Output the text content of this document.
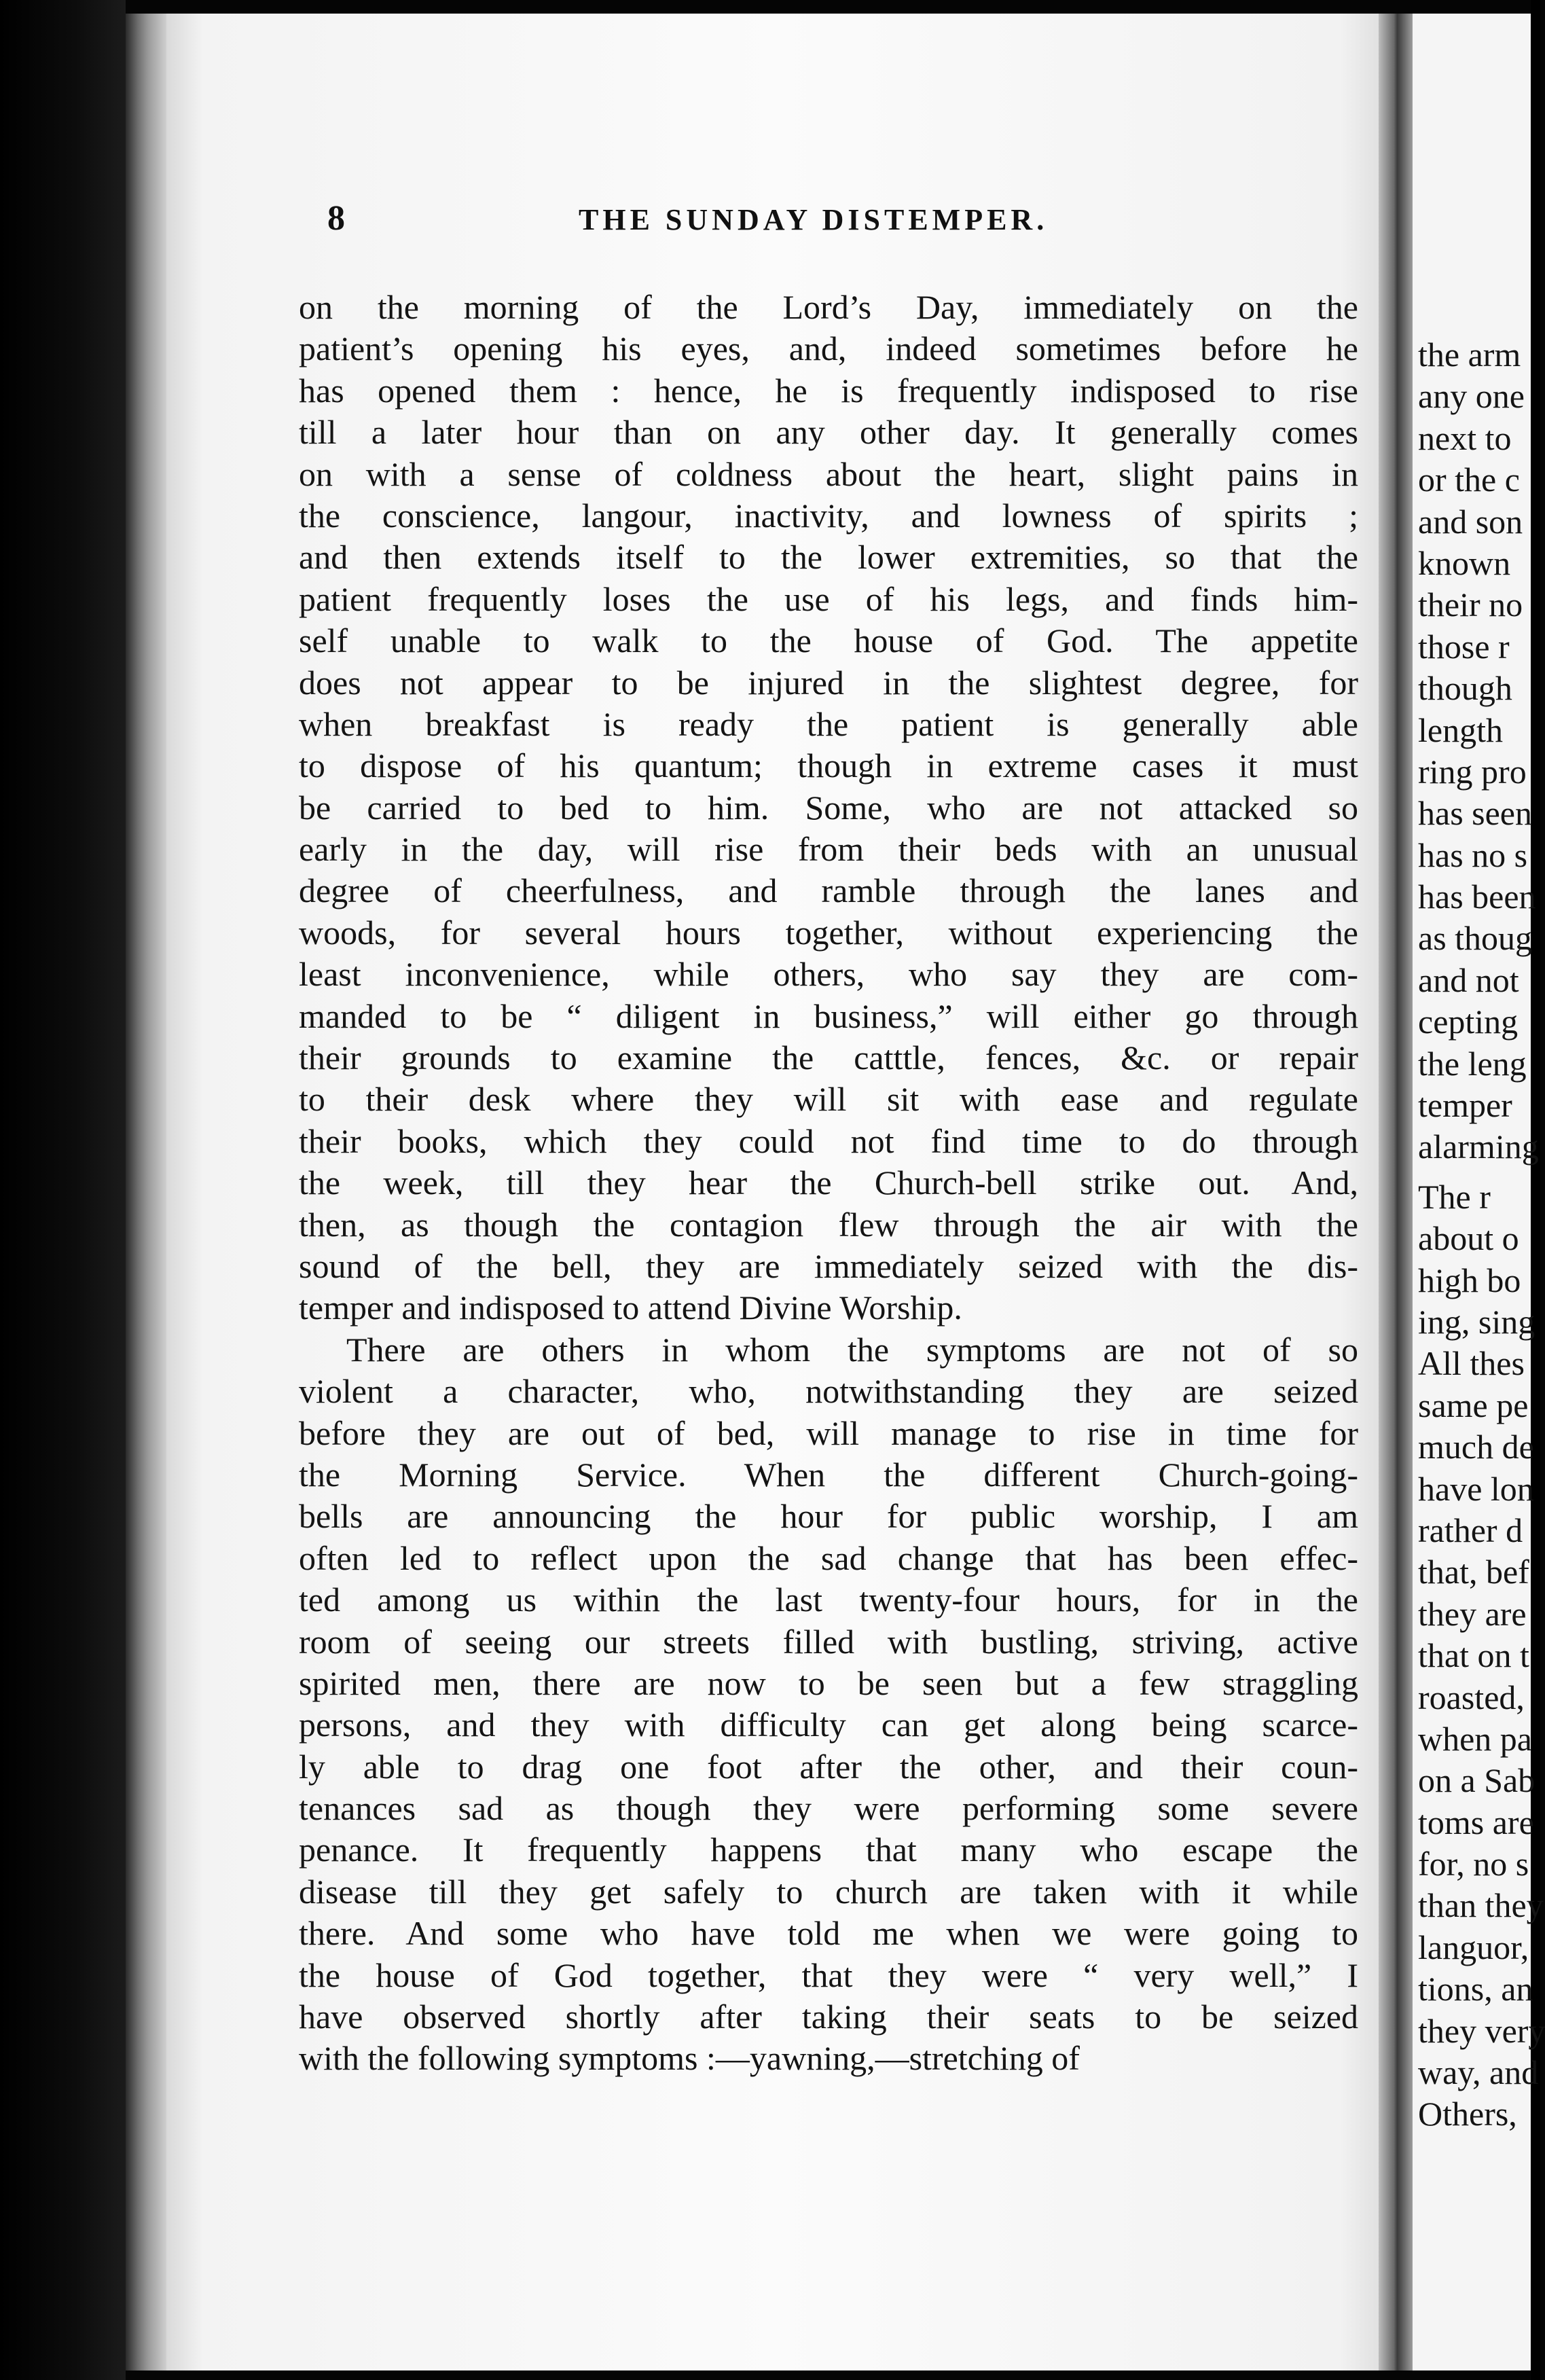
8	THE SUNDAY DISTEMPER.
on the morning of the Lord’s Day, immediately on the
patient’s opening his eyes, and, indeed sometimes before he
has opened them : hence, he is frequently indisposed to rise
till a later hour than on any other day. It generally comes
on with a sense of coldness about the heart, slight pains in
the conscience, langour, inactivity, and lowness of spirits ;
and then extends itself to the lower extremities, so that the
patient frequently loses the use of his legs, and finds him-
self unable to walk to the house of God. The appetite
does not appear to be injured in the slightest degree, for
when breakfast is ready the patient is generally able
to dispose of his quantum; though in extreme cases it must
be carried to bed to him. Some, who are not attacked so
early in the day, will rise from their beds with an unusual
degree of cheerfulness, and ramble through the lanes and
woods, for several hours together, without experiencing the
least inconvenience, while others, who say they are com-
manded to be “ diligent in business,” will either go through
their grounds to examine the catttle, fences, &c. or repair
to their desk where they will sit with ease and regulate
their books, which they could not find time to do through
the week, till they hear the Church-bell strike out. And,
then, as though the contagion flew through the air with the
sound of the bell, they are immediately seized with the dis-
temper and indisposed to attend Divine Worship.
There are others in whom the symptoms are not of so
violent a character, who, notwithstanding they are seized
before they are out of bed, will manage to rise in time for
the Morning Service. When the different Church-going-
bells are announcing the hour for public worship, I am
often led to reflect upon the sad change that has been effec-
ted among us within the last twenty-four hours, for in the
room of seeing our streets filled with bustling, striving, active
spirited men, there are now to be seen but a few straggling
persons, and they with difficulty can get along being scarce-
ly able to drag one foot after the other, and their coun-
tenances sad as though they were performing some severe
penance. It frequently happens that many who escape the
disease till they get safely to church are taken with it while
there. And some who have told me when we were going to
the house of God together, that they were “ very well,” I
have observed shortly after taking their seats to be seized
with the following symptoms :—yawning,—stretching of
the arm
any one
next to
or the c
and son
known
their no
those r
though
length
ring pro
has seen
has no s
has been
as thoug
and not
cepting
the leng
temper
alarming
The r
about o
high bo
ing, sing
All thes
same pe
much de
have lon
rather d
that, bef
they are
that on t
roasted,
when pa
on a Sab
toms are
for, no s
than they
languor,
tions, an
they very
way, and
Others,
